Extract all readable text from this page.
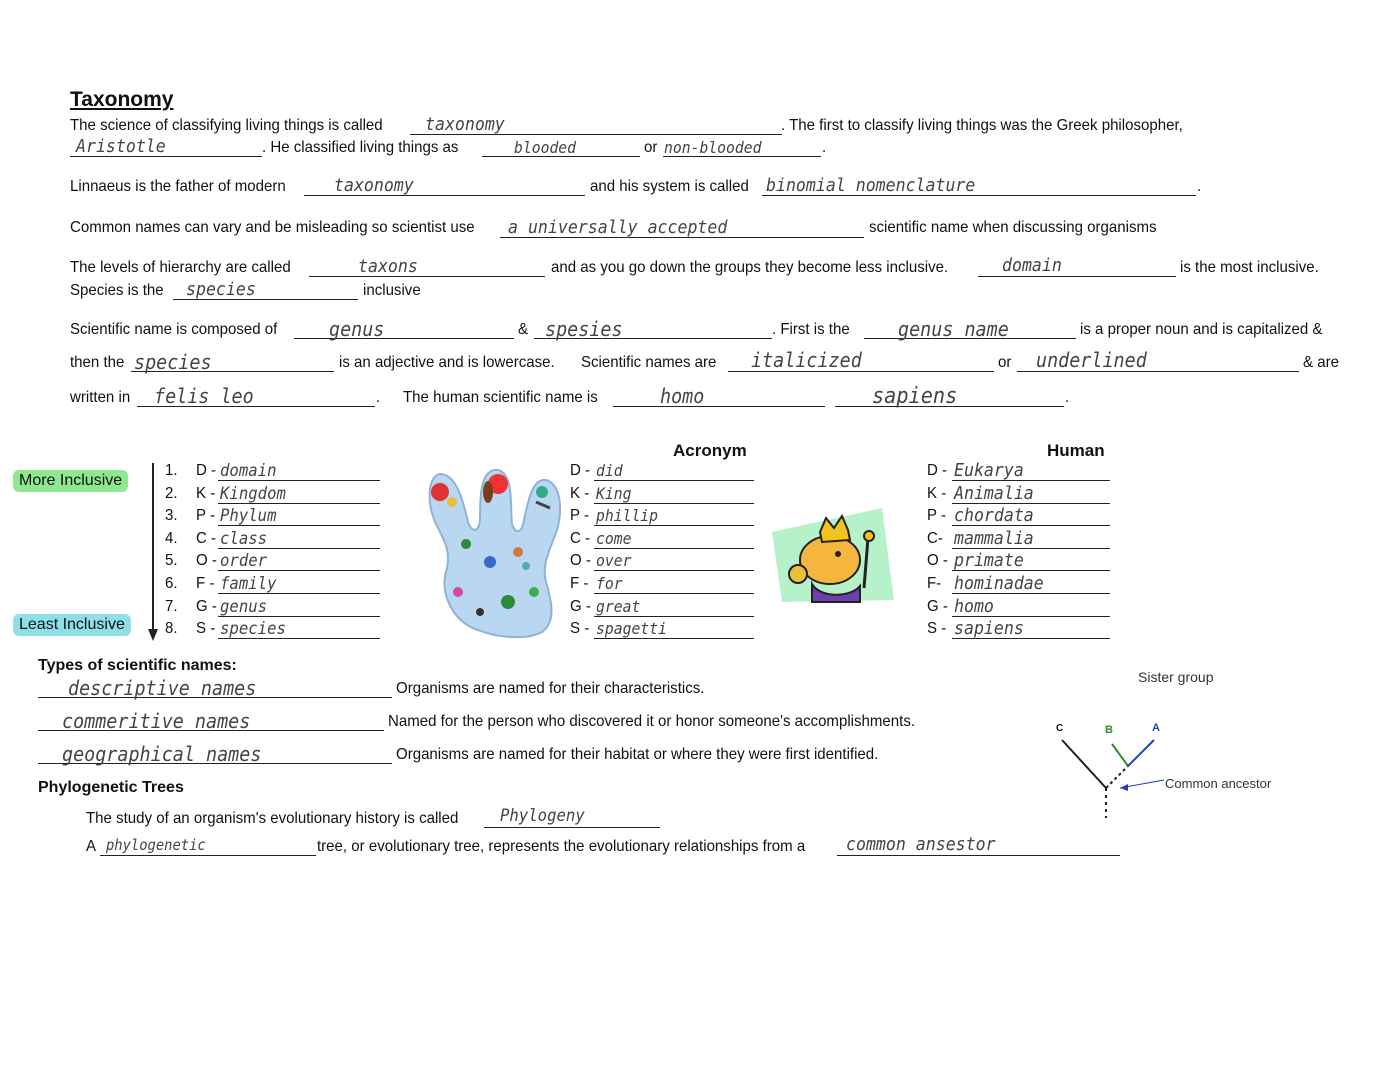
Taxonomy
The science of classifying living things is called taxonomy	. The first to classify living things was the Greek philosopher,
Aristotle	. He classified living things as	blooded	or non-blooded	.
Linnaeus is the father of modern	taxonomy	and his system is called binomial nomenclature	.
Common names can vary and be misleading so scientist use a universally accepted	scientific name when discussing organisms
The levels of hierarchy are called	taxons	and as you go down the groups they become less inclusive.	domain	is the most inclusive.
Species is the species	inclusive
Scientific name is composed of	genus	& spesies	. First is the genus name	is a proper noun and is capitalized &
then the species	is an adjective and is lowercase. Scientific names are italicized	or underlined	& are
written in felis leo	. The human scientific name is	homo	sapiens	.
More Inclusive
Least Inclusive
1. D - domain
2. K - Kingdom
3. P - Phylum
4. C - class
5. O - order
6. F - family
7. G - genus
8. S - species
Acronym
D - did
K - King
P - phillip
C - come
O - over
F - for
G - great
S - spagetti
Human
D - Eukarya
K - Animalia
P - chordata
C- mammalia
O - primate
F- hominadae
G - homo
S - sapiens
Types of scientific names:
descriptive names	Organisms are named for their characteristics.
commeritive names	Named for the person who discovered it or honor someone's accomplishments.
geographical names	Organisms are named for their habitat or where they were first identified.
Phylogenetic Trees
The study of an organism's evolutionary history is called Phylogeny
A phylogenetic	tree, or evolutionary tree, represents the evolutionary relationships from a common ansestor
Sister group
C	B	A
Common ancestor
